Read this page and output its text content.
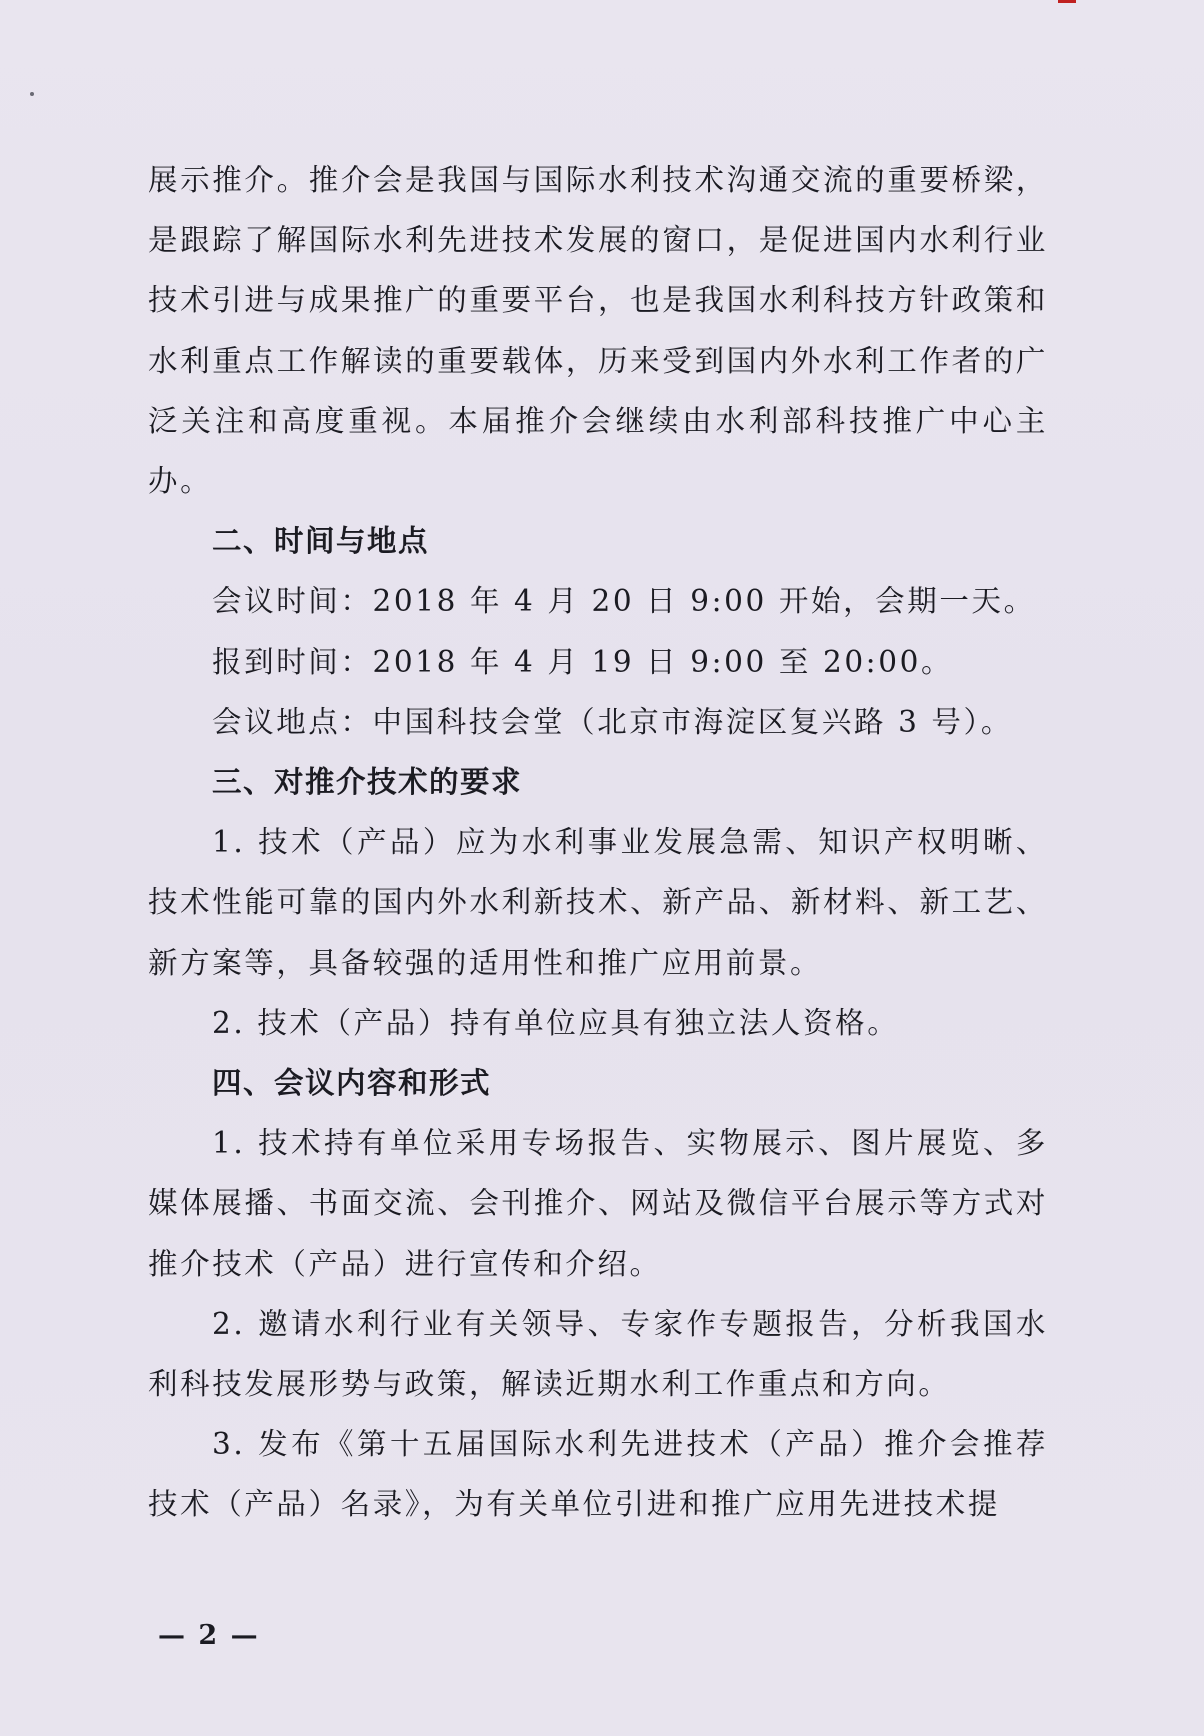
展示推介。推介会是我国与国际水利技术沟通交流的重要桥梁，是跟踪了解国际水利先进技术发展的窗口，是促进国内水利行业技术引进与成果推广的重要平台，也是我国水利科技方针政策和水利重点工作解读的重要载体，历来受到国内外水利工作者的广泛关注和高度重视。本届推介会继续由水利部科技推广中心主办。

二、时间与地点

会议时间：2018 年 4 月 20 日 9:00 开始，会期一天。

报到时间：2018 年 4 月 19 日 9:00 至 20:00。

会议地点：中国科技会堂（北京市海淀区复兴路 3 号）。

三、对推介技术的要求

1. 技术（产品）应为水利事业发展急需、知识产权明晰、技术性能可靠的国内外水利新技术、新产品、新材料、新工艺、新方案等，具备较强的适用性和推广应用前景。

2. 技术（产品）持有单位应具有独立法人资格。

四、会议内容和形式

1. 技术持有单位采用专场报告、实物展示、图片展览、多媒体展播、书面交流、会刊推介、网站及微信平台展示等方式对推介技术（产品）进行宣传和介绍。

2. 邀请水利行业有关领导、专家作专题报告，分析我国水利科技发展形势与政策，解读近期水利工作重点和方向。

3. 发布《第十五届国际水利先进技术（产品）推介会推荐技术（产品）名录》，为有关单位引进和推广应用先进技术提

— 2 —
